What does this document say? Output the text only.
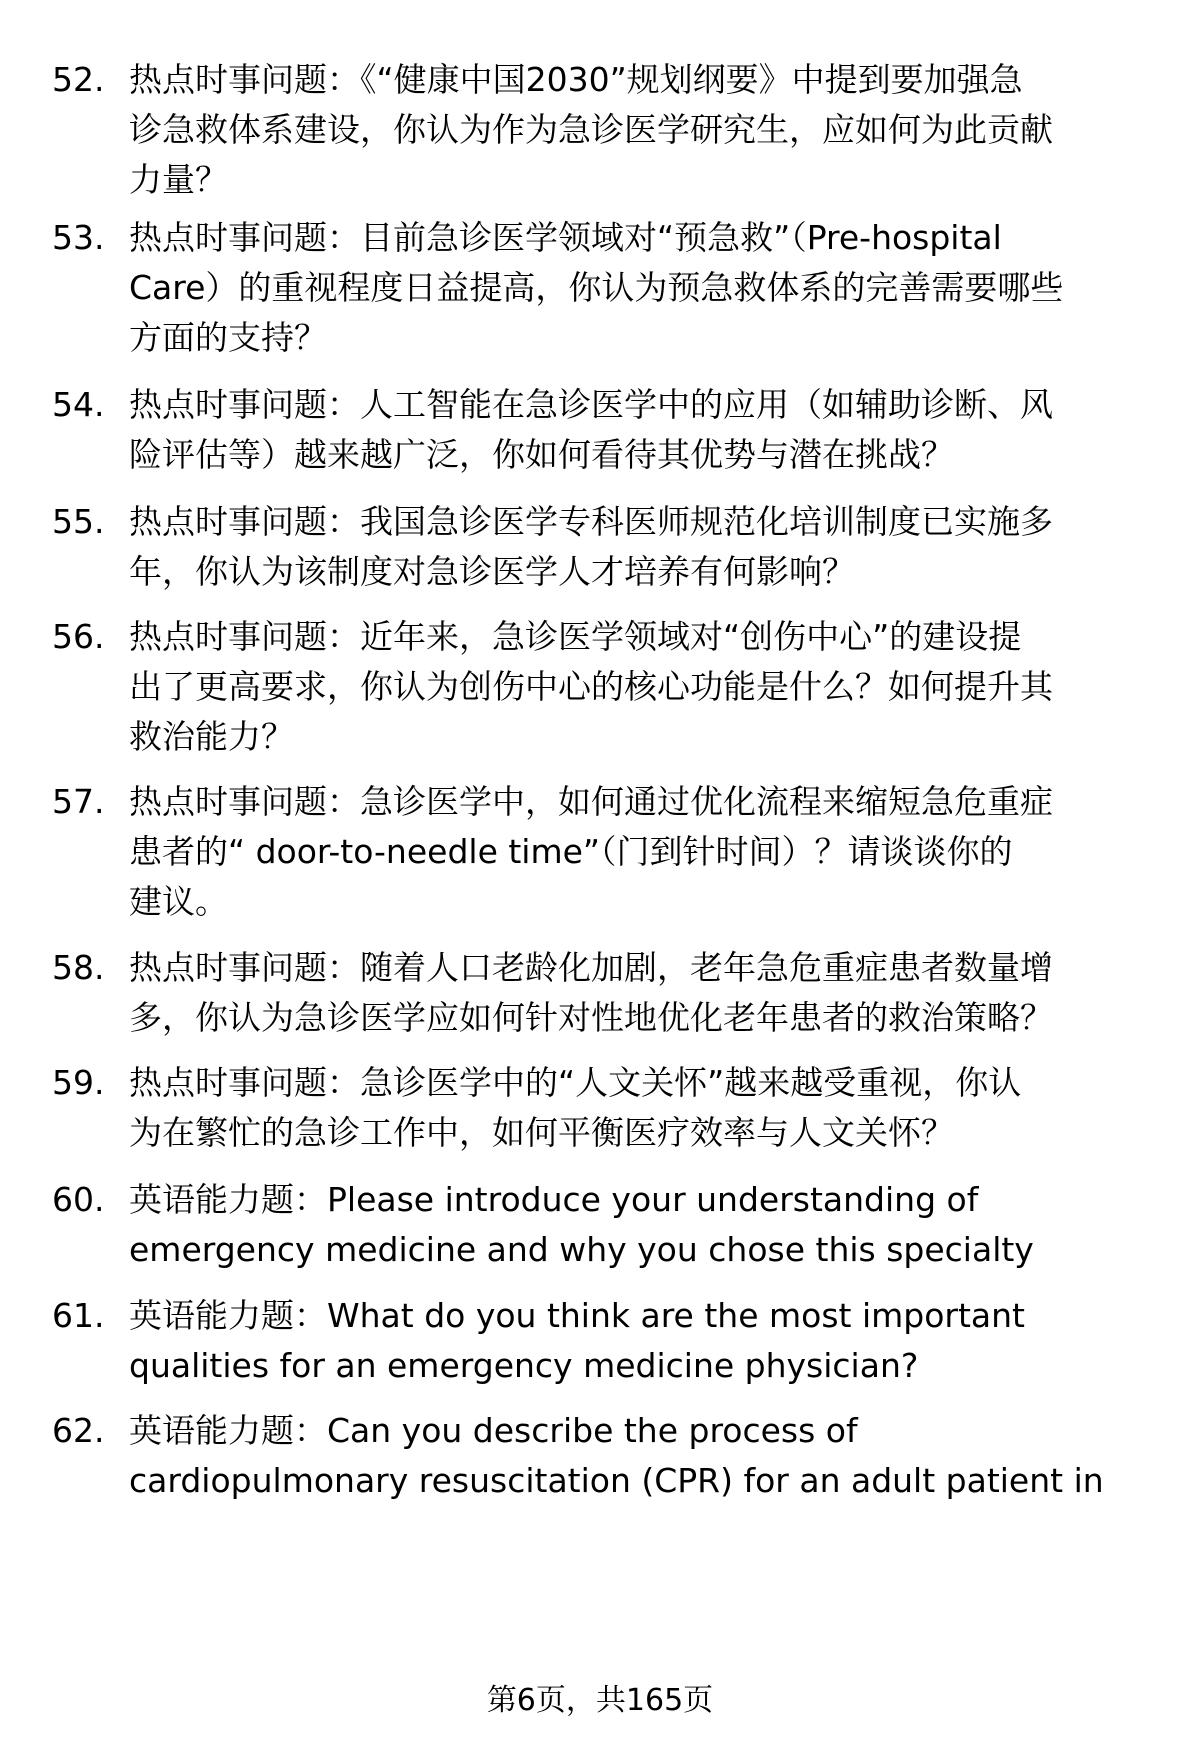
52. 热点时事问题：《“健康中国2030”规划纲要》中提到要加强急
诊急救体系建设，你认为作为急诊医学研究生，应如何为此贡献
力量？
53. 热点时事问题：目前急诊医学领域对“预急救”（Pre-hospital
Care）的重视程度日益提高，你认为预急救体系的完善需要哪些
方面的支持？
54. 热点时事问题：人工智能在急诊医学中的应用（如辅助诊断、风
险评估等）越来越广泛，你如何看待其优势与潜在挑战？
55. 热点时事问题：我国急诊医学专科医师规范化培训制度已实施多
年，你认为该制度对急诊医学人才培养有何影响？
56. 热点时事问题：近年来，急诊医学领域对“创伤中心”的建设提
出了更高要求，你认为创伤中心的核心功能是什么？如何提升其
救治能力？
57. 热点时事问题：急诊医学中，如何通过优化流程来缩短急危重症
患者的“ door-to-needle time”（门到针时间）？请谈谈你的
建议。
58. 热点时事问题：随着人口老龄化加剧，老年急危重症患者数量增
多，你认为急诊医学应如何针对性地优化老年患者的救治策略？
59. 热点时事问题：急诊医学中的“人文关怀”越来越受重视，你认
为在繁忙的急诊工作中，如何平衡医疗效率与人文关怀？
60. 英语能力题：Please introduce your understanding of
emergency medicine and why you chose this specialty
61. 英语能力题：What do you think are the most important
qualities for an emergency medicine physician?
62. 英语能力题：Can you describe the process of
cardiopulmonary resuscitation (CPR) for an adult patient in
第6页，共165页
